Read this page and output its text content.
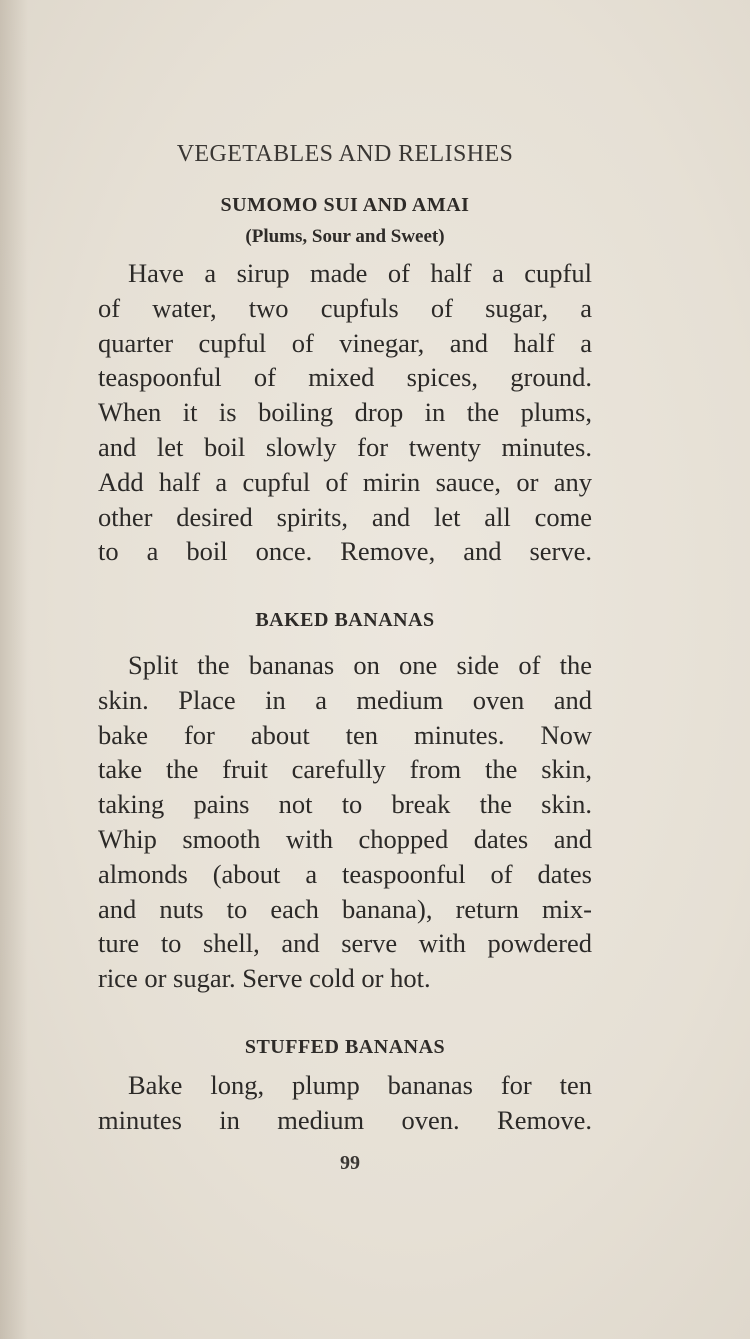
VEGETABLES AND RELISHES
SUMOMO SUI AND AMAI
(Plums, Sour and Sweet)
Have a sirup made of half a cupful
of water, two cupfuls of sugar, a
quarter cupful of vinegar, and half a
teaspoonful of mixed spices, ground.
When it is boiling drop in the plums,
and let boil slowly for twenty minutes.
Add half a cupful of mirin sauce, or any
other desired spirits, and let all come
to a boil once. Remove, and serve.
BAKED BANANAS
Split the bananas on one side of the
skin. Place in a medium oven and
bake for about ten minutes. Now
take the fruit carefully from the skin,
taking pains not to break the skin.
Whip smooth with chopped dates and
almonds (about a teaspoonful of dates
and nuts to each banana), return mix-
ture to shell, and serve with powdered
rice or sugar. Serve cold or hot.
STUFFED BANANAS
Bake long, plump bananas for ten
minutes in medium oven. Remove.
99
